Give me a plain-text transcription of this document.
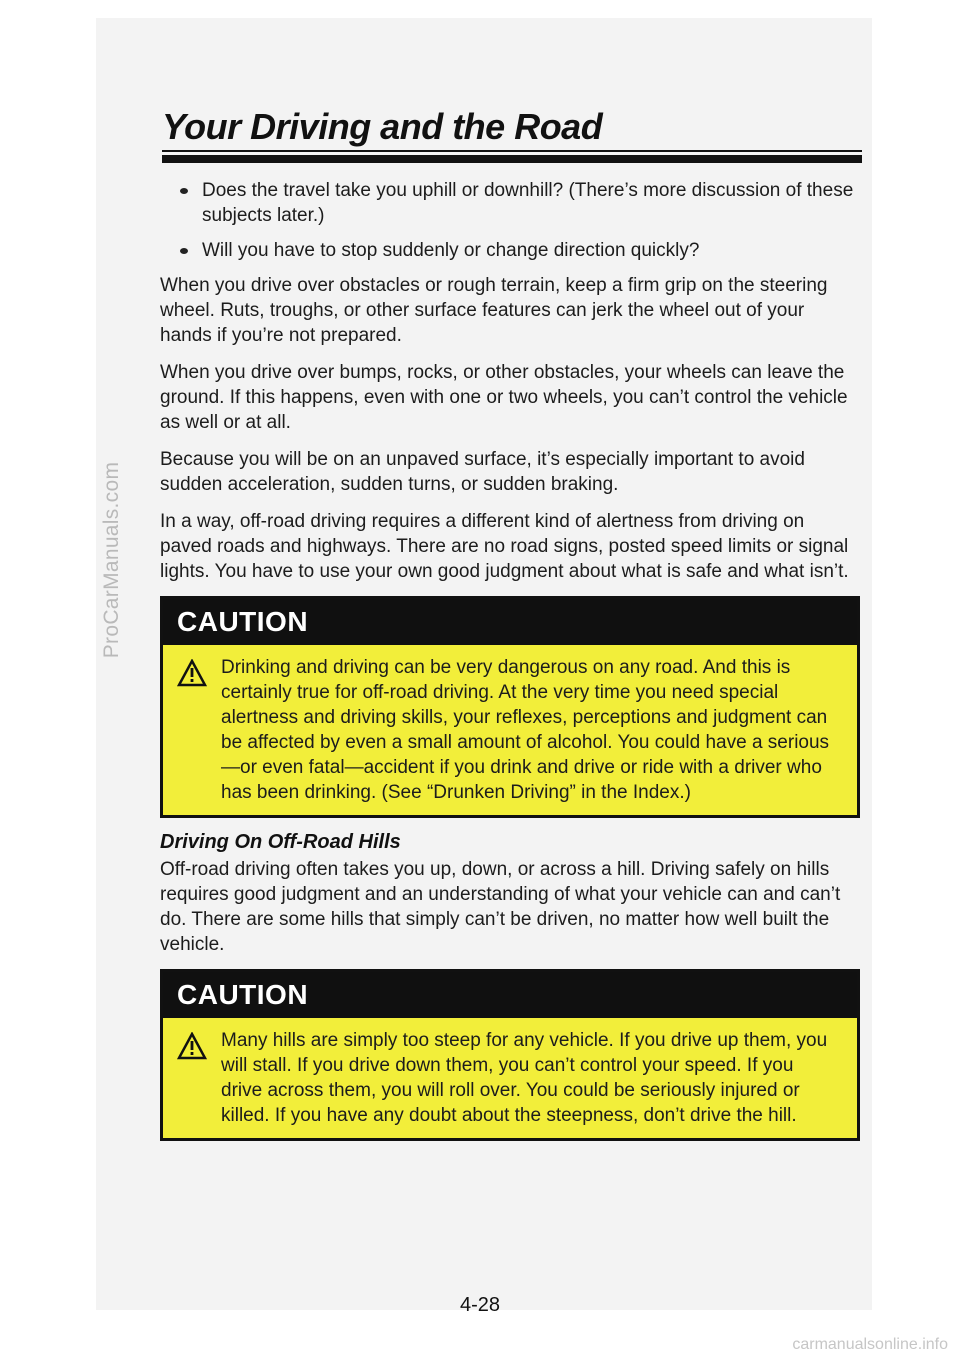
ProCarManuals.com
Your Driving and the Road
Does the travel take you uphill or downhill? (There’s more discussion of these subjects later.)
Will you have to stop suddenly or change direction quickly?

When you drive over obstacles or rough terrain, keep a firm grip on the steering wheel. Ruts, troughs, or other surface features can jerk the wheel out of your hands if you’re not prepared.

When you drive over bumps, rocks, or other obstacles, your wheels can leave the ground. If this happens, even with one or two wheels, you can’t control the vehicle as well or at all.

Because you will be on an unpaved surface, it’s especially important to avoid sudden acceleration, sudden turns, or sudden braking.

In a way, off-road driving requires a different kind of alertness from driving on paved roads and highways. There are no road signs, posted speed limits or signal lights. You have to use your own good judgment about what is safe and what isn’t.

CAUTION
Drinking and driving can be very dangerous on any road. And this is certainly true for off-road driving. At the very time you need special alertness and driving skills, your reflexes, perceptions and judgment can be affected by even a small amount of alcohol. You could have a serious—or even fatal—accident if you drink and drive or ride with a driver who has been drinking. (See “Drunken Driving” in the Index.)
Driving On Off-Road Hills

Off-road driving often takes you up, down, or across a hill. Driving safely on hills requires good judgment and an understanding of what your vehicle can and can’t do. There are some hills that simply can’t be driven, no matter how well built the vehicle.

CAUTION
Many hills are simply too steep for any vehicle. If you drive up them, you will stall. If you drive down them, you can’t control your speed. If you drive across them, you will roll over. You could be seriously injured or killed. If you have any doubt about the steepness, don’t drive the hill.
4-28
carmanualsonline.info
